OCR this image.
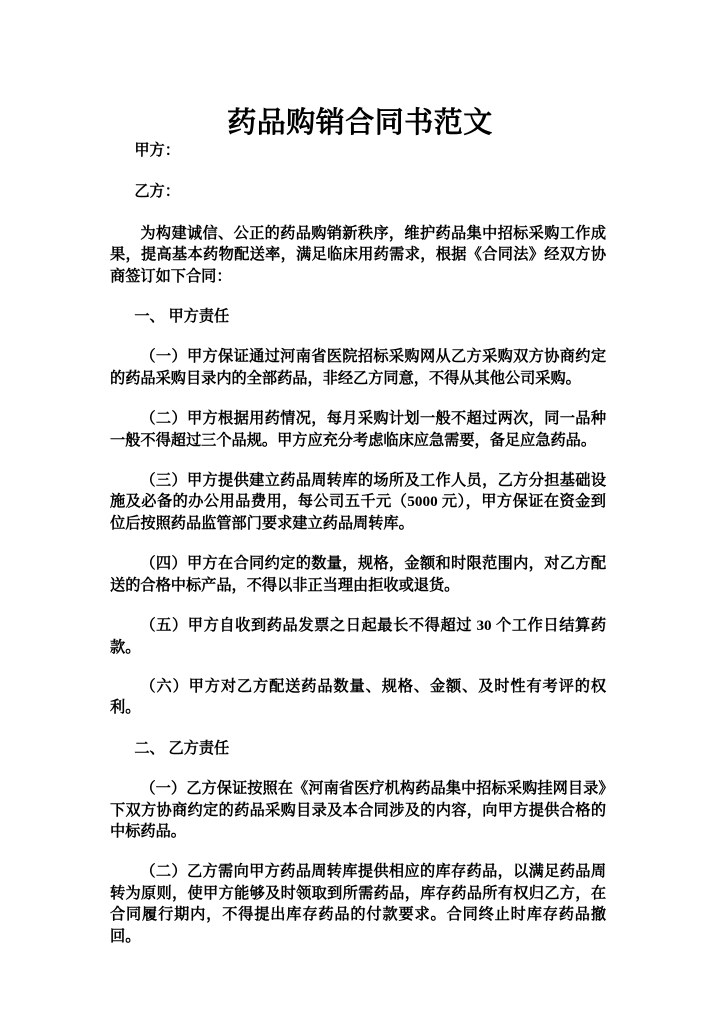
药品购销合同书范文
甲方：
乙方：

为构建诚信、公正的药品购销新秩序，维护药品集中招标采购工作成果，提高基本药物配送率，满足临床用药需求，根据《合同法》经双方协商签订如下合同：

一、 甲方责任

（一）甲方保证通过河南省医院招标采购网从乙方采购双方协商约定的药品采购目录内的全部药品，非经乙方同意，不得从其他公司采购。

（二）甲方根据用药情况，每月采购计划一般不超过两次，同一品种一般不得超过三个品规。甲方应充分考虑临床应急需要，备足应急药品。

（三）甲方提供建立药品周转库的场所及工作人员，乙方分担基础设施及必备的办公用品费用，每公司五千元（5000 元），甲方保证在资金到位后按照药品监管部门要求建立药品周转库。

（四）甲方在合同约定的数量，规格，金额和时限范围内，对乙方配送的合格中标产品，不得以非正当理由拒收或退货。

（五）甲方自收到药品发票之日起最长不得超过 30 个工作日结算药款。

（六）甲方对乙方配送药品数量、规格、金额、及时性有考评的权利。

二、 乙方责任

（一）乙方保证按照在《河南省医疗机构药品集中招标采购挂网目录》下双方协商约定的药品采购目录及本合同涉及的内容，向甲方提供合格的中标药品。

（二）乙方需向甲方药品周转库提供相应的库存药品，以满足药品周转为原则，使甲方能够及时领取到所需药品，库存药品所有权归乙方，在合同履行期内，不得提出库存药品的付款要求。合同终止时库存药品撤回。
